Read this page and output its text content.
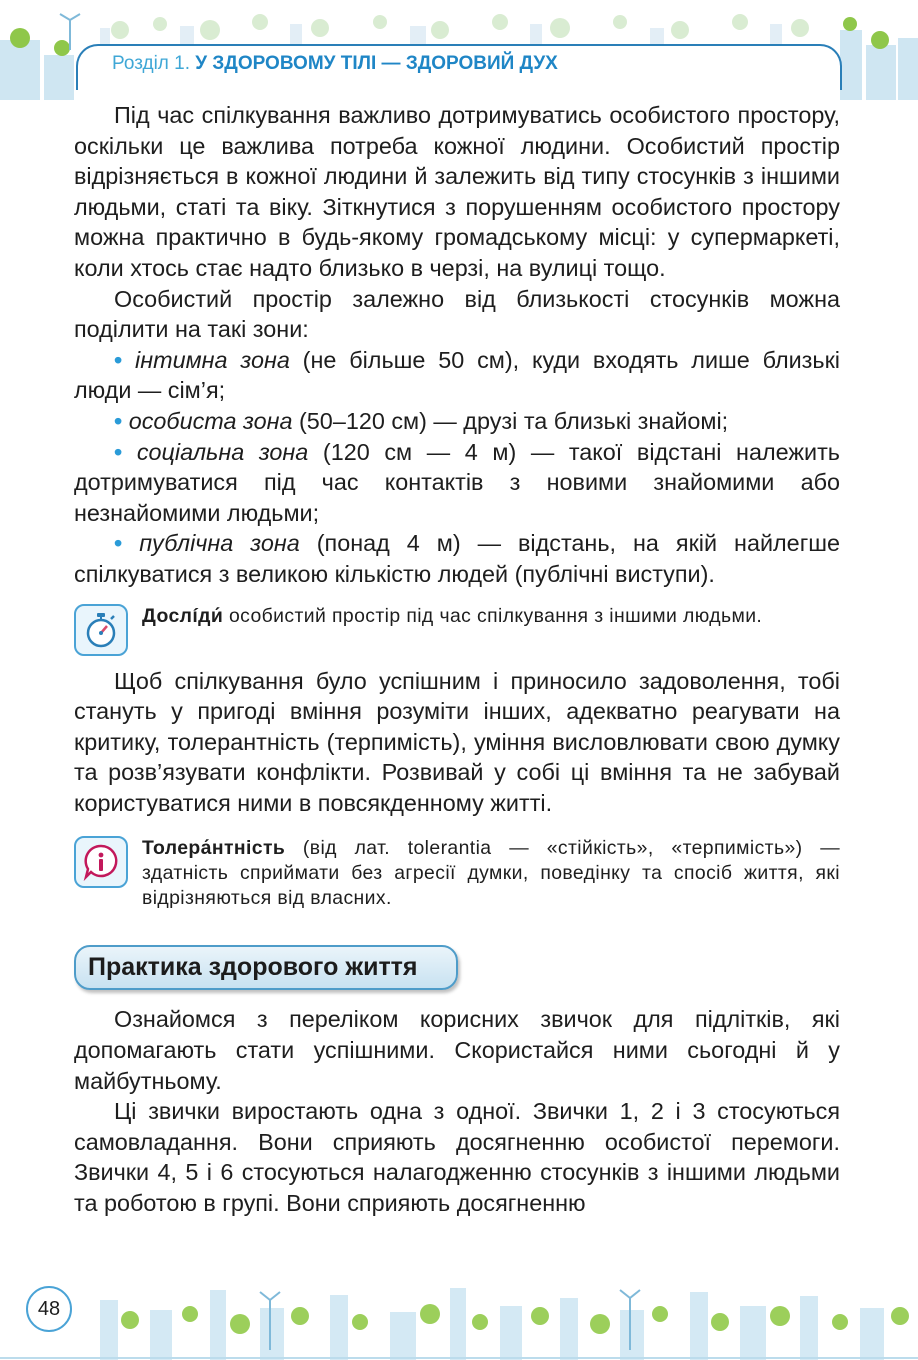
Розділ 1. У ЗДОРОВОМУ ТІЛІ — ЗДОРОВИЙ ДУХ

Під час спілкування важливо дотримуватись особистого простору, оскільки це важлива потреба кожної людини. Особистий простір відрізняється в кожної людини й залежить від типу стосунків з іншими людьми, статі та віку. Зіткнутися з порушенням особистого простору можна практично в будь-якому громадському місці: у супермаркеті, коли хтось стає надто близько в черзі, на вулиці тощо.

Особистий простір залежно від близькості стосунків можна поділити на такі зони:

• інтимна зона (не більше 50 см), куди входять лише близькі люди — сім’я;

• особиста зона (50–120 см) — друзі та близькі знайомі;

• соціальна зона (120 см — 4 м) — такої відстані належить дотримуватися під час контактів з новими знайомими або незнайомими людьми;

• публічна зона (понад 4 м) — відстань, на якій найлегше спілкуватися з великою кількістю людей (публічні виступи).

Дослíди́ особистий простір під час спілкування з іншими людьми.

Щоб спілкування було успішним і приносило задоволення, тобі стануть у пригоді вміння розуміти інших, адекватно реагувати на критику, толерантність (терпимість), уміння висловлювати свою думку та розв’язувати конфлікти. Розвивай у собі ці вміння та не забувай користуватися ними в повсякденному житті.

Толера́нтність (від лат. tolerantia — «стійкість», «терпимість») — здатність сприймати без агресії думки, поведінку та спосіб життя, які відрізняються від власних.
Практика здорового життя

Ознайомся з переліком корисних звичок для підлітків, які допомагають стати успішними. Скористайся ними сьогодні й у майбутньому.

Ці звички виростають одна з одної. Звички 1, 2 і 3 стосуються самовладання. Вони сприяють досягненню особистої перемоги. Звички 4, 5 і 6 стосуються налагодженню стосунків з іншими людьми та роботою в групі. Вони сприяють досягненню

48
